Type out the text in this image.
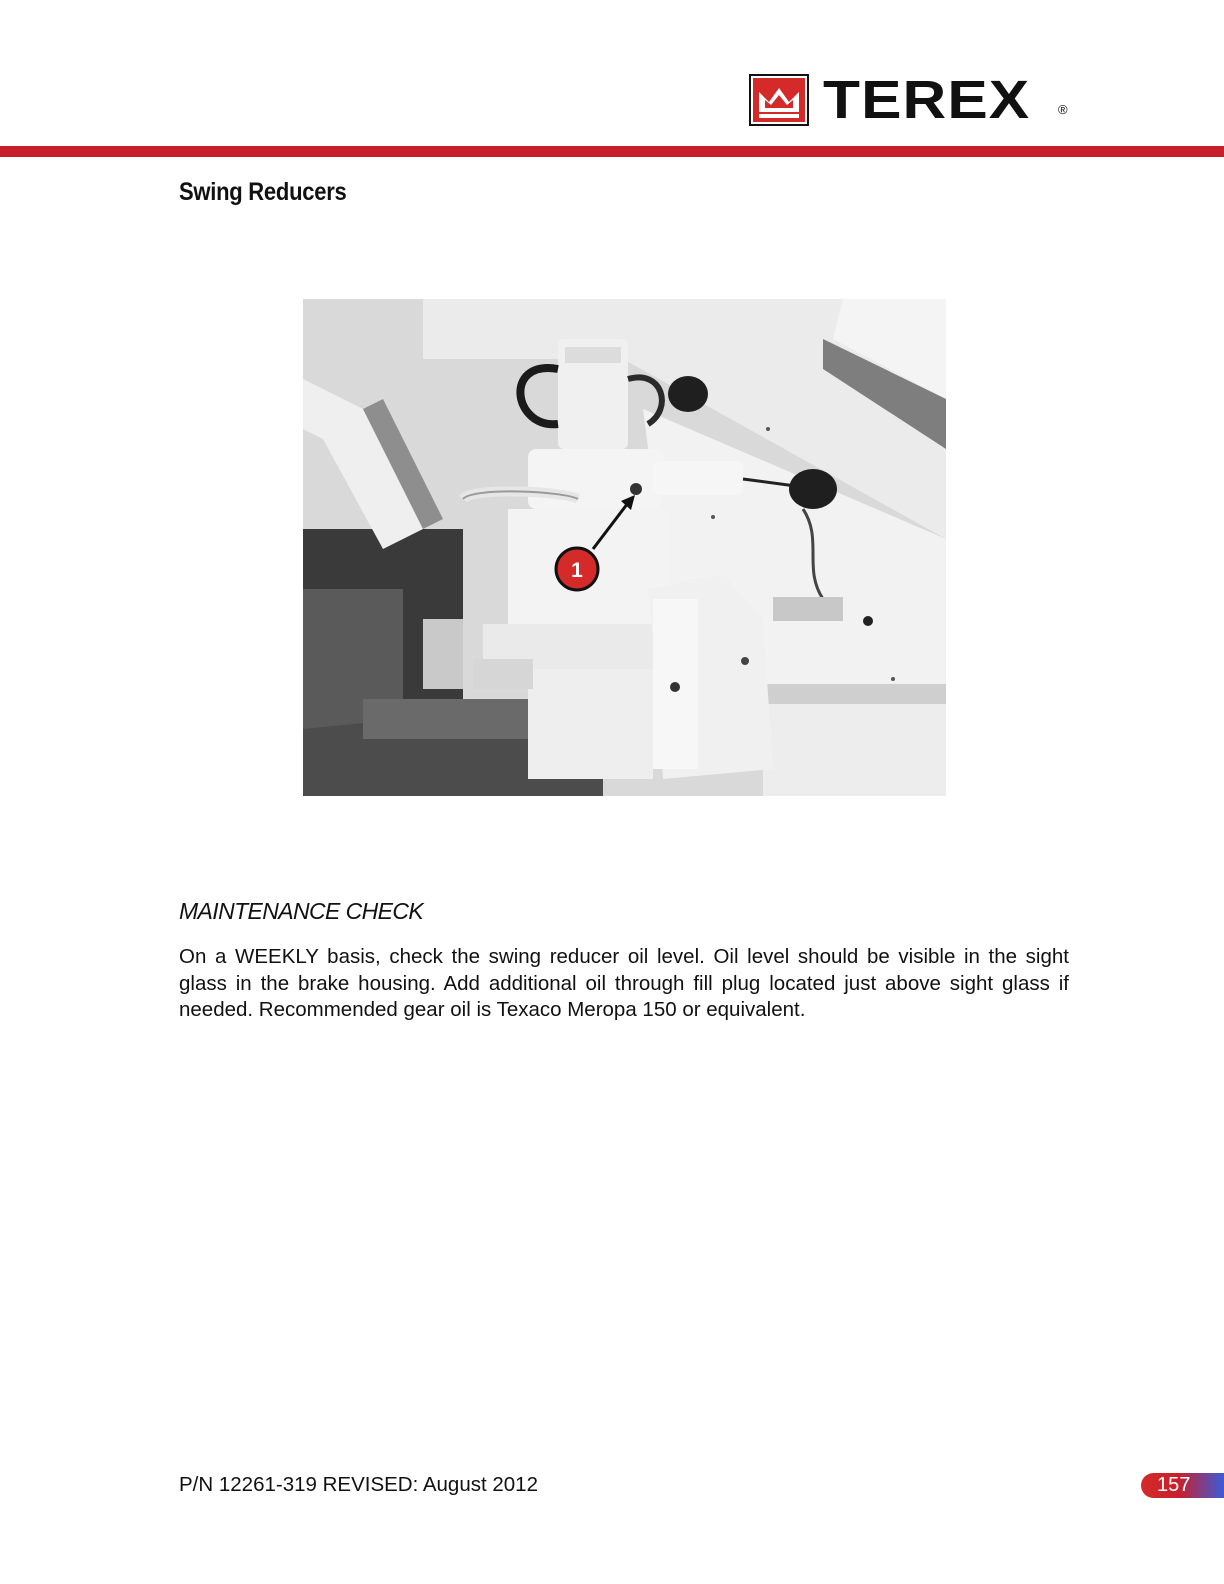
TEREX ®
Swing Reducers
1
MAINTENANCE CHECK

On a WEEKLY basis, check the swing reducer oil level. Oil level should be visible in the sight glass in the brake housing. Add additional oil through fill plug located just above sight glass if needed. Recommended gear oil is Texaco Meropa 150 or equivalent.

P/N 12261-319 REVISED: August 2012	157
